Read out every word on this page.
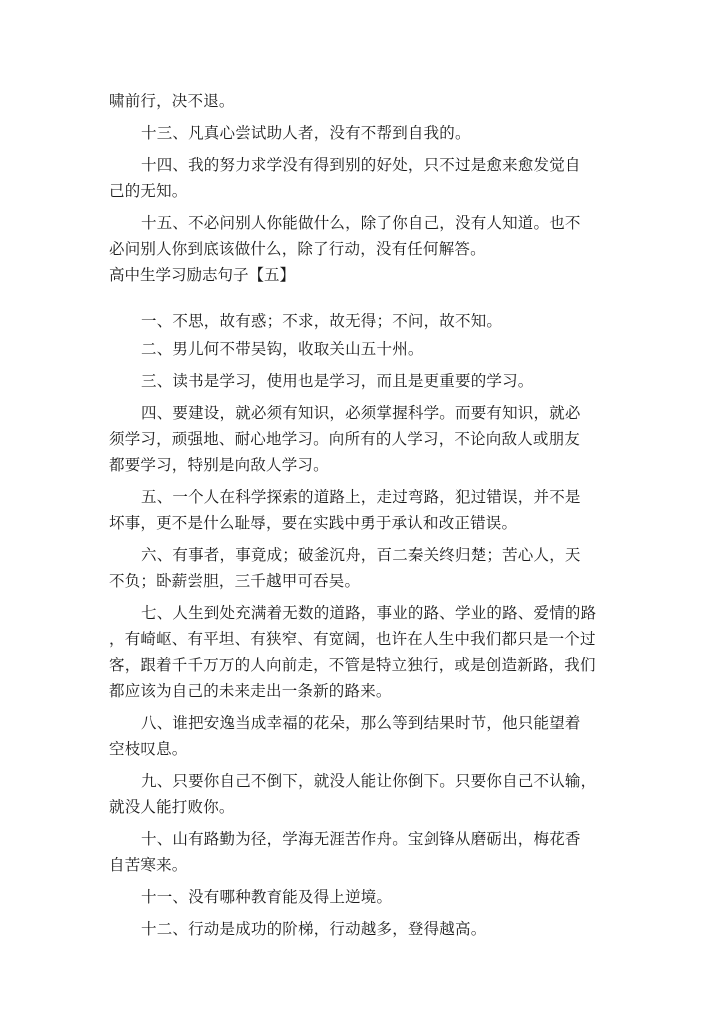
啸前行，决不退。

十三、凡真心尝试助人者，没有不帮到自我的。

十四、我的努力求学没有得到别的好处，只不过是愈来愈发觉自
己的无知。

十五、不必问别人你能做什么，除了你自己，没有人知道。也不
必问别人你到底该做什么，除了行动，没有任何解答。

高中生学习励志句子【五】

一、不思，故有惑；不求，故无得；不问，故不知。

二、男儿何不带吴钩，收取关山五十州。

三、读书是学习，使用也是学习，而且是更重要的学习。

四、要建设，就必须有知识，必须掌握科学。而要有知识，就必
须学习，顽强地、耐心地学习。向所有的人学习，不论向敌人或朋友
都要学习，特别是向敌人学习。

五、一个人在科学探索的道路上，走过弯路，犯过错误，并不是
坏事，更不是什么耻辱，要在实践中勇于承认和改正错误。

六、有事者，事竟成；破釜沉舟，百二秦关终归楚；苦心人，天
不负；卧薪尝胆，三千越甲可吞吴。

七、人生到处充满着无数的道路，事业的路、学业的路、爱情的路
，有崎岖、有平坦、有狭窄、有宽阔，也许在人生中我们都只是一个过
客，跟着千千万万的人向前走，不管是特立独行，或是创造新路，我们
都应该为自己的未来走出一条新的路来。

八、谁把安逸当成幸福的花朵，那么等到结果时节，他只能望着
空枝叹息。

九、只要你自己不倒下，就没人能让你倒下。只要你自己不认输，
就没人能打败你。

十、山有路勤为径，学海无涯苦作舟。宝剑锋从磨砺出，梅花香
自苦寒来。

十一、没有哪种教育能及得上逆境。

十二、行动是成功的阶梯，行动越多，登得越高。
